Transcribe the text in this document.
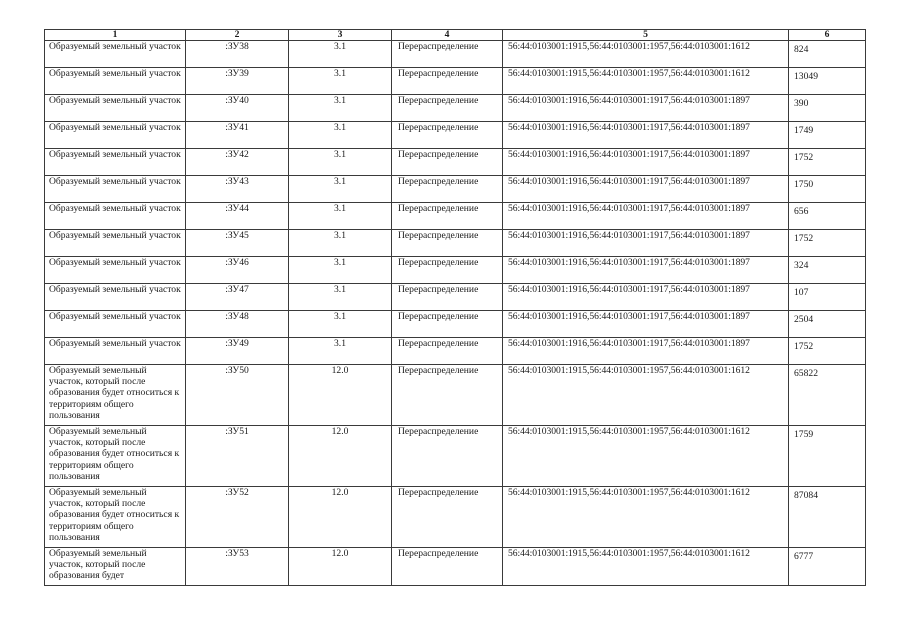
1	2	3	4	5	6
Образуемый земельный участок	:ЗУ38	3.1	Перераспределение	56:44:0103001:1915,56:44:0103001:1957,56:44:0103001:1612	824
Образуемый земельный участок	:ЗУ39	3.1	Перераспределение	56:44:0103001:1915,56:44:0103001:1957,56:44:0103001:1612	13049
Образуемый земельный участок	:ЗУ40	3.1	Перераспределение	56:44:0103001:1916,56:44:0103001:1917,56:44:0103001:1897	390
Образуемый земельный участок	:ЗУ41	3.1	Перераспределение	56:44:0103001:1916,56:44:0103001:1917,56:44:0103001:1897	1749
Образуемый земельный участок	:ЗУ42	3.1	Перераспределение	56:44:0103001:1916,56:44:0103001:1917,56:44:0103001:1897	1752
Образуемый земельный участок	:ЗУ43	3.1	Перераспределение	56:44:0103001:1916,56:44:0103001:1917,56:44:0103001:1897	1750
Образуемый земельный участок	:ЗУ44	3.1	Перераспределение	56:44:0103001:1916,56:44:0103001:1917,56:44:0103001:1897	656
Образуемый земельный участок	:ЗУ45	3.1	Перераспределение	56:44:0103001:1916,56:44:0103001:1917,56:44:0103001:1897	1752
Образуемый земельный участок	:ЗУ46	3.1	Перераспределение	56:44:0103001:1916,56:44:0103001:1917,56:44:0103001:1897	324
Образуемый земельный участок	:ЗУ47	3.1	Перераспределение	56:44:0103001:1916,56:44:0103001:1917,56:44:0103001:1897	107
Образуемый земельный участок	:ЗУ48	3.1	Перераспределение	56:44:0103001:1916,56:44:0103001:1917,56:44:0103001:1897	2504
Образуемый земельный участок	:ЗУ49	3.1	Перераспределение	56:44:0103001:1916,56:44:0103001:1917,56:44:0103001:1897	1752
Образуемый земельный участок, который после образования будет относиться к территориям общего пользования	:ЗУ50	12.0	Перераспределение	56:44:0103001:1915,56:44:0103001:1957,56:44:0103001:1612	65822
Образуемый земельный участок, который после образования будет относиться к территориям общего пользования	:ЗУ51	12.0	Перераспределение	56:44:0103001:1915,56:44:0103001:1957,56:44:0103001:1612	1759
Образуемый земельный участок, который после образования будет относиться к территориям общего пользования	:ЗУ52	12.0	Перераспределение	56:44:0103001:1915,56:44:0103001:1957,56:44:0103001:1612	87084
Образуемый земельный участок, который после образования будет	:ЗУ53	12.0	Перераспределение	56:44:0103001:1915,56:44:0103001:1957,56:44:0103001:1612	6777
